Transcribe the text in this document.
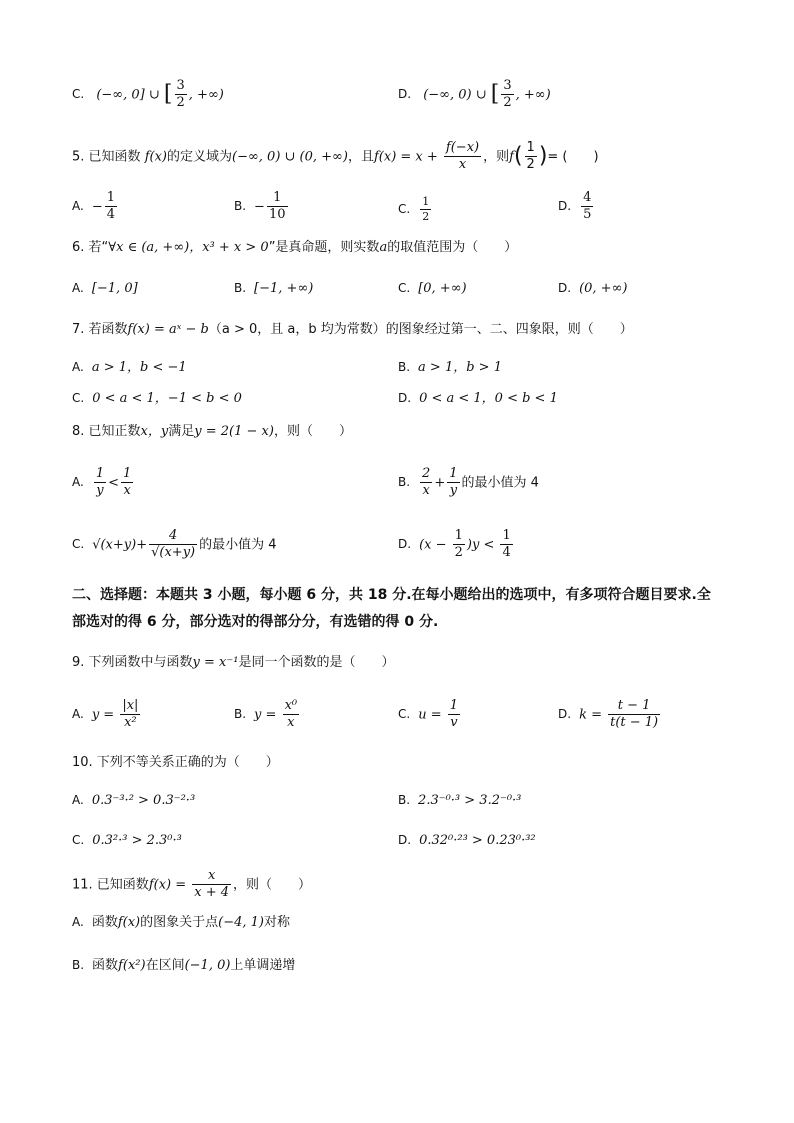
C. (−∞, 0] ∪ [ $\frac{3}{2}$ , +∞)	D. (−∞, 0) ∪ [ $\frac{3}{2}$ , +∞)
5. 已知函数 f(x)的定义域为(−∞, 0) ∪ (0, +∞)，且$f(x) = x + \frac{f(-x)}{x}$ ，则$f( \frac{1}{2}$ )= (　　)
A. − $\frac{1}{4}$	B. − $\frac{1}{10}$	C. $\frac{1}{2}$	D. $\frac{4}{5}$
6. 若“∀x ∈ (a, +∞)，x³ + x > 0”是真命题，则实数a的取值范围为（　　）
A. [−1, 0]	B. [−1, +∞)	C. [0, +∞)	D. (0, +∞)
7. 若函数f(x) = aˣ − b（a > 0，且 a，b 均为常数）的图象经过第一、二、四象限，则（　　）
A. a > 1，b < −1	B. a > 1，b > 1
C. 0 < a < 1，−1 < b < 0	D. 0 < a < 1，0 < b < 1
8. 已知正数x，y满足y = 2(1 − x)，则（　　）
A. $\frac{1}{y} < \frac{1}{x}$	B. $\frac{2}{x} + \frac{1}{y}$ 的最小值为 4
C. $√(x+y)+ \frac{4}{√(x+y)}$ 的最小值为 4	D. $(x - \frac{1}{2} )y < \frac{1}{4}$
二、选择题：本题共 3 小题，每小题 6 分，共 18 分.在每小题给出的选项中，有多项符合题目要求.全部选对的得 6 分，部分选对的得部分分，有选错的得 0 分.
9. 下列函数中与函数y = x⁻¹是同一个函数的是（　　）
A. $y = \frac{|x|}{\text{x²}}$	B. $y = \frac{\text{x⁰}}{x}$	C. $u = \frac{1}{v}$	D. $k = \frac{t - 1}{t(t - 1)}$
10. 下列不等关系正确的为（　　）
A. 0.3⁻³·² > 0.3⁻²·³	B. 2.3⁻⁰·³ > 3.2⁻⁰·³
C. 0.3²·³ > 2.3⁰·³	D. 0.32⁰·²³ > 0.23⁰·³²
11. 已知函数$f(x) = \frac{x}{x + 4}$ ，则（　　）
A. 函数f(x)的图象关于点(−4, 1)对称
B. 函数f(x²)在区间(−1, 0)上单调递增
